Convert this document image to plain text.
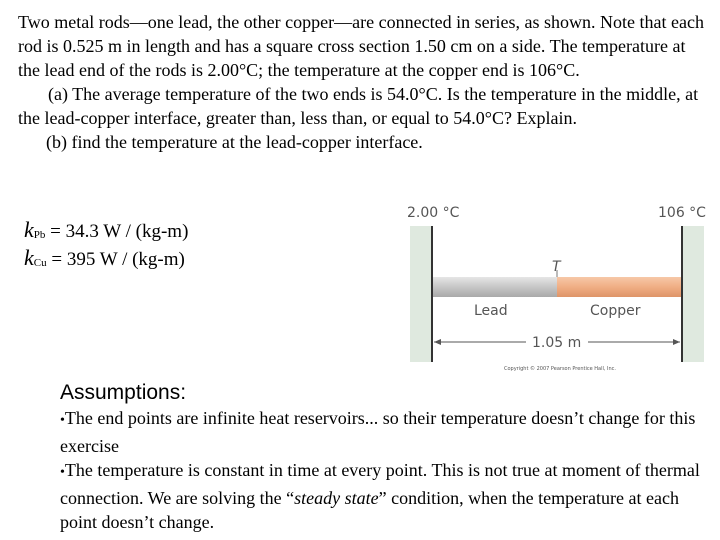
Two metal rods—one lead, the other copper—are connected in series, as shown. Note that each rod is 0.525 m in length and has a square cross section 1.50 cm on a side. The temperature at the lead end of the rods is 2.00°C; the temperature at the copper end is 106°C.

(a) The average temperature of the two ends is 54.0°C. Is the temperature in the middle, at the lead-copper interface, greater than, less than, or equal to 54.0°C? Explain.

(b) find the temperature at the lead-copper interface.

$k_{Pb} = 34.3$ W / (kg-m)
$k_{Cu} = 395$ W / (kg-m)
2.00 °C	106 °C
T
Lead	Copper
1.05 m
Copyright © 2007 Pearson Prentice Hall, Inc.
Assumptions:
•The end points are infinite heat reservoirs... so their temperature doesn’t change for this exercise
•The temperature is constant in time at every point. This is not true at moment of thermal connection. We are solving the “steady state” condition, when the temperature at each point doesn’t change.
